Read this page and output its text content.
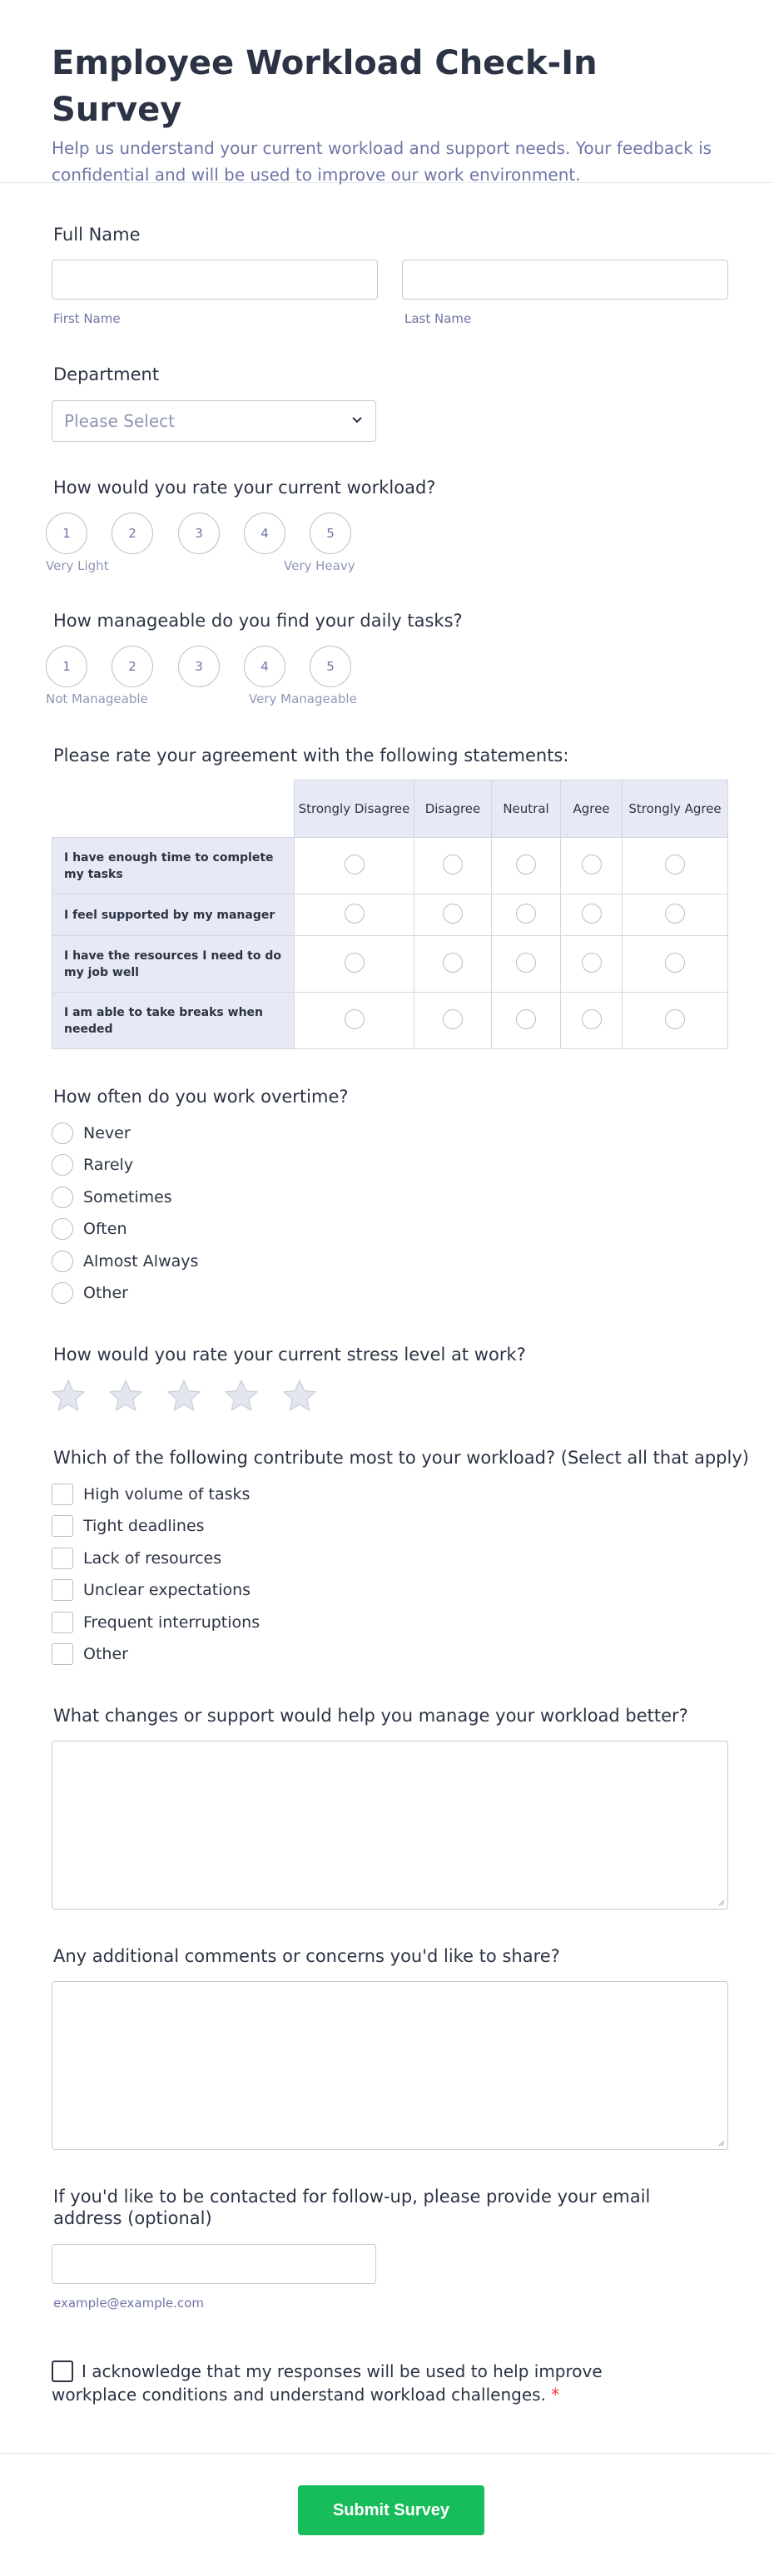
Employee Workload Check-In Survey

Help us understand your current workload and support needs. Your feedback is confidential and will be used to improve our work environment.

Full Name
First Name	Last Name
Department
Please Select
How would you rate your current workload?
1	2	3	4	5
Very Light	Very Heavy
How manageable do you find your daily tasks?
1	2	3	4	5
Not Manageable	Very Manageable
Please rate your agreement with the following statements:
	Strongly Disagree	Disagree	Neutral	Agree	Strongly Agree
I have enough time to complete my tasks					
I feel supported by my manager					
I have the resources I need to do my job well					
I am able to take breaks when needed					
How often do you work overtime?
Never
Rarely
Sometimes
Often
Almost Always
Other
How would you rate your current stress level at work?
Which of the following contribute most to your workload? (Select all that apply)
High volume of tasks
Tight deadlines
Lack of resources
Unclear expectations
Frequent interruptions
Other
What changes or support would help you manage your workload better?
Any additional comments or concerns you'd like to share?
If you'd like to be contacted for follow-up, please provide your email address (optional)
example@example.com
I acknowledge that my responses will be used to help improve workplace conditions and understand workload challenges. *
Submit Survey
